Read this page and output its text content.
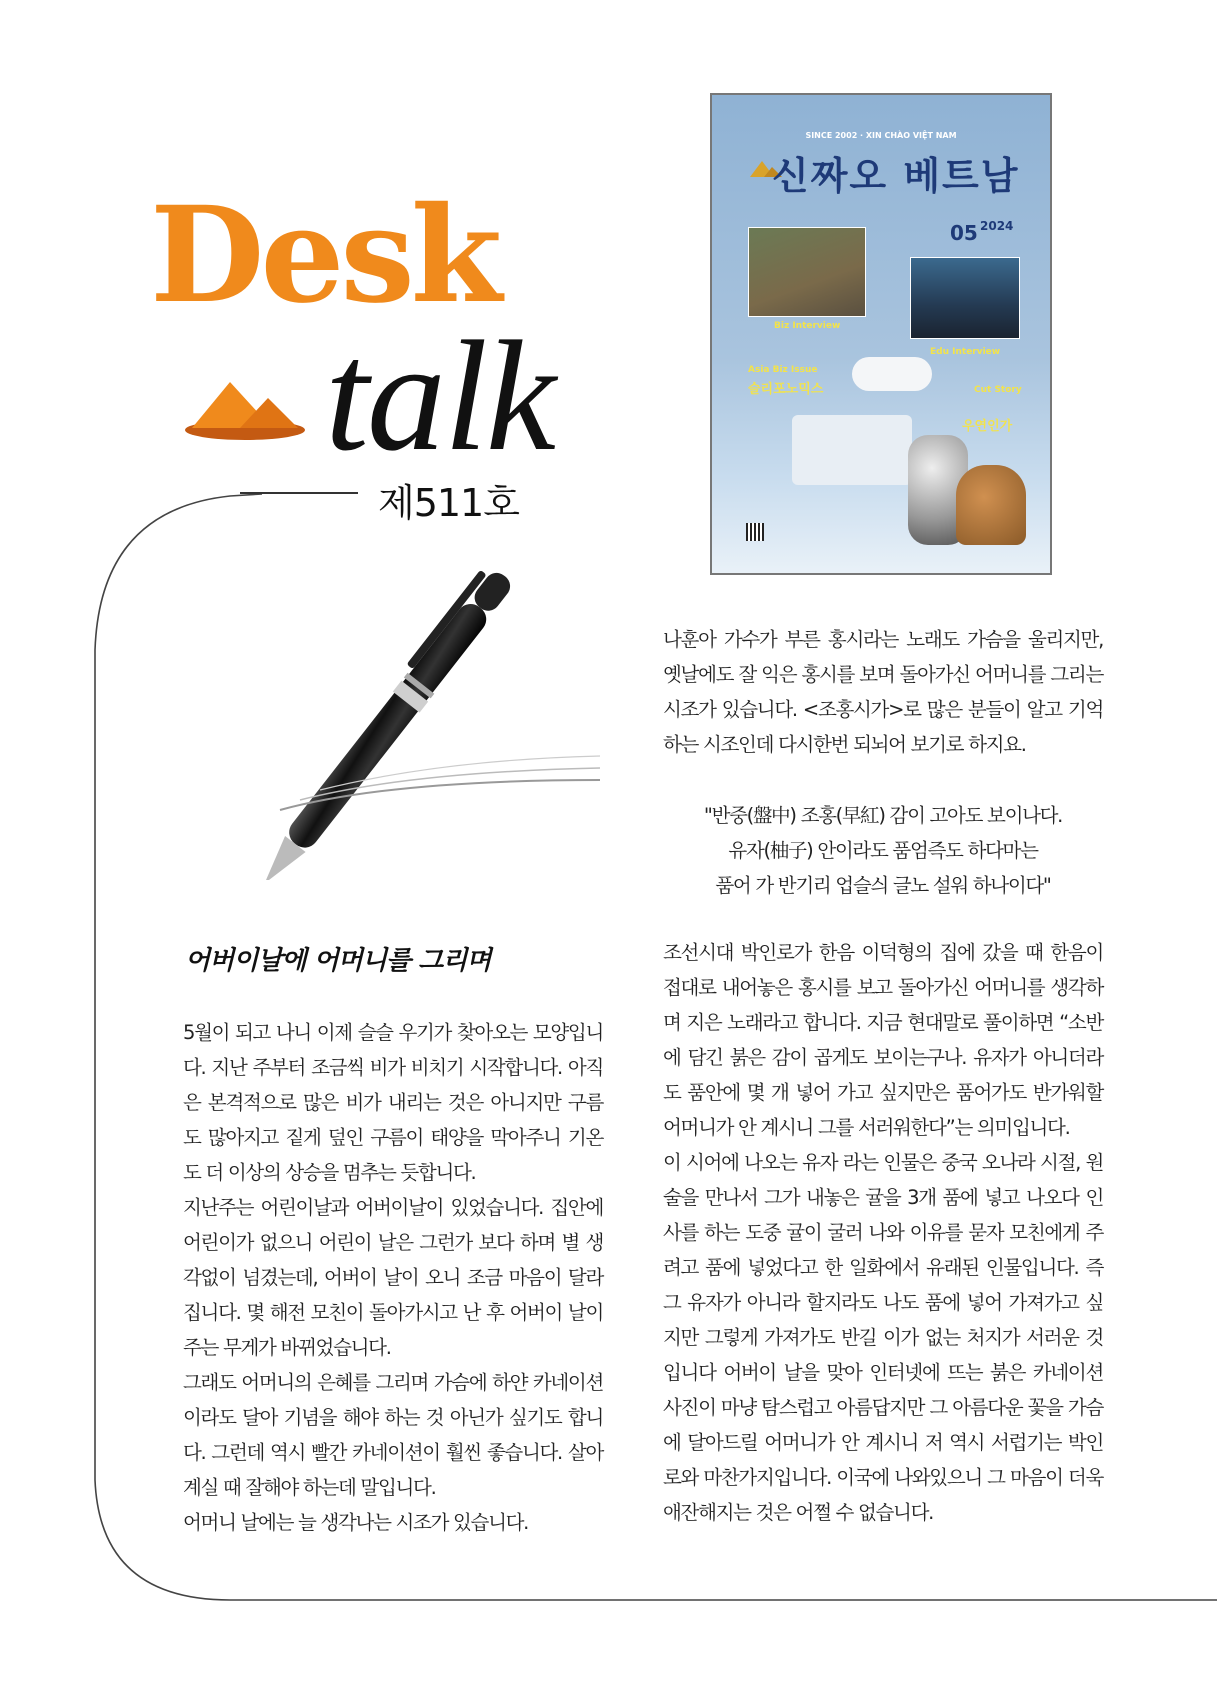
Desk
talk
제511호
SINCE 2002 · XIN CHÀO VIỆT NAM
신짜오 베트남
05 2024
Biz Interview
Edu Interview
Asia Biz Issue
슬리포노믹스	Cut Story
우연인가

나훈아 가수가 부른 홍시라는 노래도 가슴을 울리지만, 옛날에도 잘 익은 홍시를 보며 돌아가신 어머니를 그리는 시조가 있습니다. <조홍시가>로 많은 분들이 알고 기억하는 시조인데 다시한번 되뇌어 보기로 하지요.

"반중(盤中) 조홍(早紅) 감이 고아도 보이나다.

유자(柚子) 안이라도 품엄즉도 하다마는

품어 가 반기리 업슬싀 글노 설워 하나이다"

어버이날에 어머니를 그리며

5월이 되고 나니 이제 슬슬 우기가 찾아오는 모양입니다. 지난 주부터 조금씩 비가 비치기 시작합니다. 아직은 본격적으로 많은 비가 내리는 것은 아니지만 구름도 많아지고 짙게 덮인 구름이 태양을 막아주니 기온도 더 이상의 상승을 멈추는 듯합니다.

지난주는 어린이날과 어버이날이 있었습니다. 집안에 어린이가 없으니 어린이 날은 그런가 보다 하며 별 생각없이 넘겼는데, 어버이 날이 오니 조금 마음이 달라집니다. 몇 해전 모친이 돌아가시고 난 후 어버이 날이 주는 무게가 바뀌었습니다.

그래도 어머니의 은혜를 그리며 가슴에 하얀 카네이션이라도 달아 기념을 해야 하는 것 아닌가 싶기도 합니다. 그런데 역시 빨간 카네이션이 훨씬 좋습니다. 살아계실 때 잘해야 하는데 말입니다.

어머니 날에는 늘 생각나는 시조가 있습니다.

조선시대 박인로가 한음 이덕형의 집에 갔을 때 한음이 접대로 내어놓은 홍시를 보고 돌아가신 어머니를 생각하며 지은 노래라고 합니다. 지금 현대말로 풀이하면 “소반에 담긴 붉은 감이 곱게도 보이는구나. 유자가 아니더라도 품안에 몇 개 넣어 가고 싶지만은 품어가도 반가워할 어머니가 안 계시니 그를 서러워한다”는 의미입니다.

이 시어에 나오는 유자 라는 인물은 중국 오나라 시절, 원술을 만나서 그가 내놓은 귤을 3개 품에 넣고 나오다 인사를 하는 도중 귤이 굴러 나와 이유를 묻자 모친에게 주려고 품에 넣었다고 한 일화에서 유래된 인물입니다. 즉 그 유자가 아니라 할지라도 나도 품에 넣어 가져가고 싶지만 그렇게 가져가도 반길 이가 없는 처지가 서러운 것입니다 어버이 날을 맞아 인터넷에 뜨는 붉은 카네이션 사진이 마냥 탐스럽고 아름답지만 그 아름다운 꽃을 가슴에 달아드릴 어머니가 안 계시니 저 역시 서럽기는 박인로와 마찬가지입니다. 이국에 나와있으니 그 마음이 더욱 애잔해지는 것은 어쩔 수 없습니다.
